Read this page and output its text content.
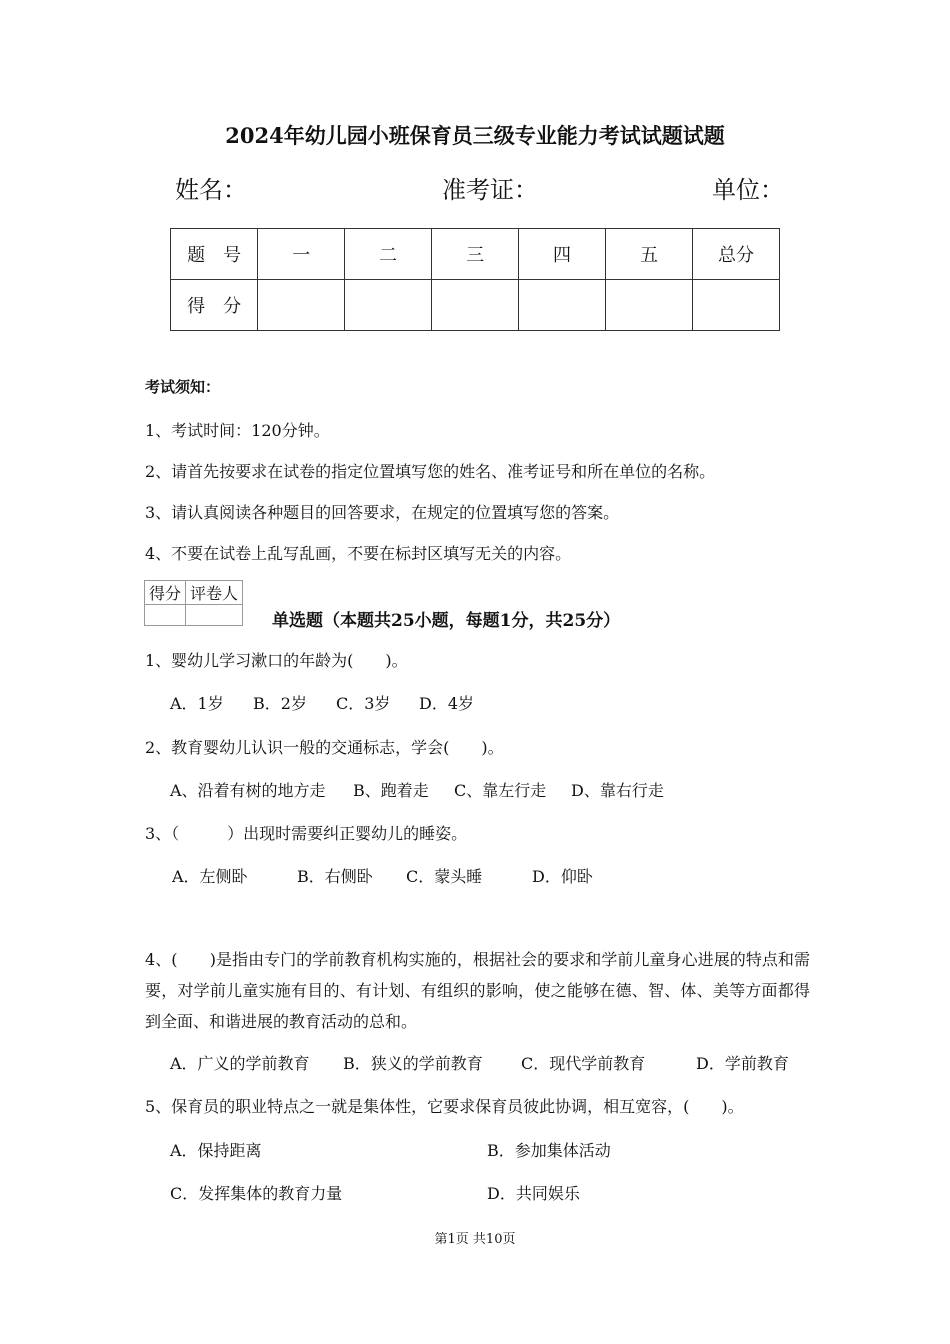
2024年幼儿园小班保育员三级专业能力考试试题试题
姓名：	准考证：	单位：
题　号	一	二	三	四	五	总分
得　分						
考试须知：
1、考试时间：120分钟。
2、请首先按要求在试卷的指定位置填写您的姓名、准考证号和所在单位的名称。
3、请认真阅读各种题目的回答要求，在规定的位置填写您的答案。
4、不要在试卷上乱写乱画，不要在标封区填写无关的内容。
得分	评卷人

单选题（本题共25小题，每题1分，共25分）
1、婴幼儿学习漱口的年龄为(　　)。
A．1岁 B．2岁 C．3岁 D．4岁
2、教育婴幼儿认识一般的交通标志，学会(　　)。
A、沿着有树的地方走 B、跑着走 C、靠左行走 D、靠右行走
3、（　　　）出现时需要纠正婴幼儿的睡姿。
A．左侧卧	B．右侧卧 C．蒙头睡	D．仰卧
4、(　　)是指由专门的学前教育机构实施的，根据社会的要求和学前儿童身心进展的特点和需要，对学前儿童实施有目的、有计划、有组织的影响，使之能够在德、智、体、美等方面都得到全面、和谐进展的教育活动的总和。
A．广义的学前教育 B．狭义的学前教育 C．现代学前教育	D．学前教育
5、保育员的职业特点之一就是集体性，它要求保育员彼此协调，相互宽容，(　　)。
A．保持距离	B．参加集体活动
C．发挥集体的教育力量	D．共同娱乐
第1页 共10页
